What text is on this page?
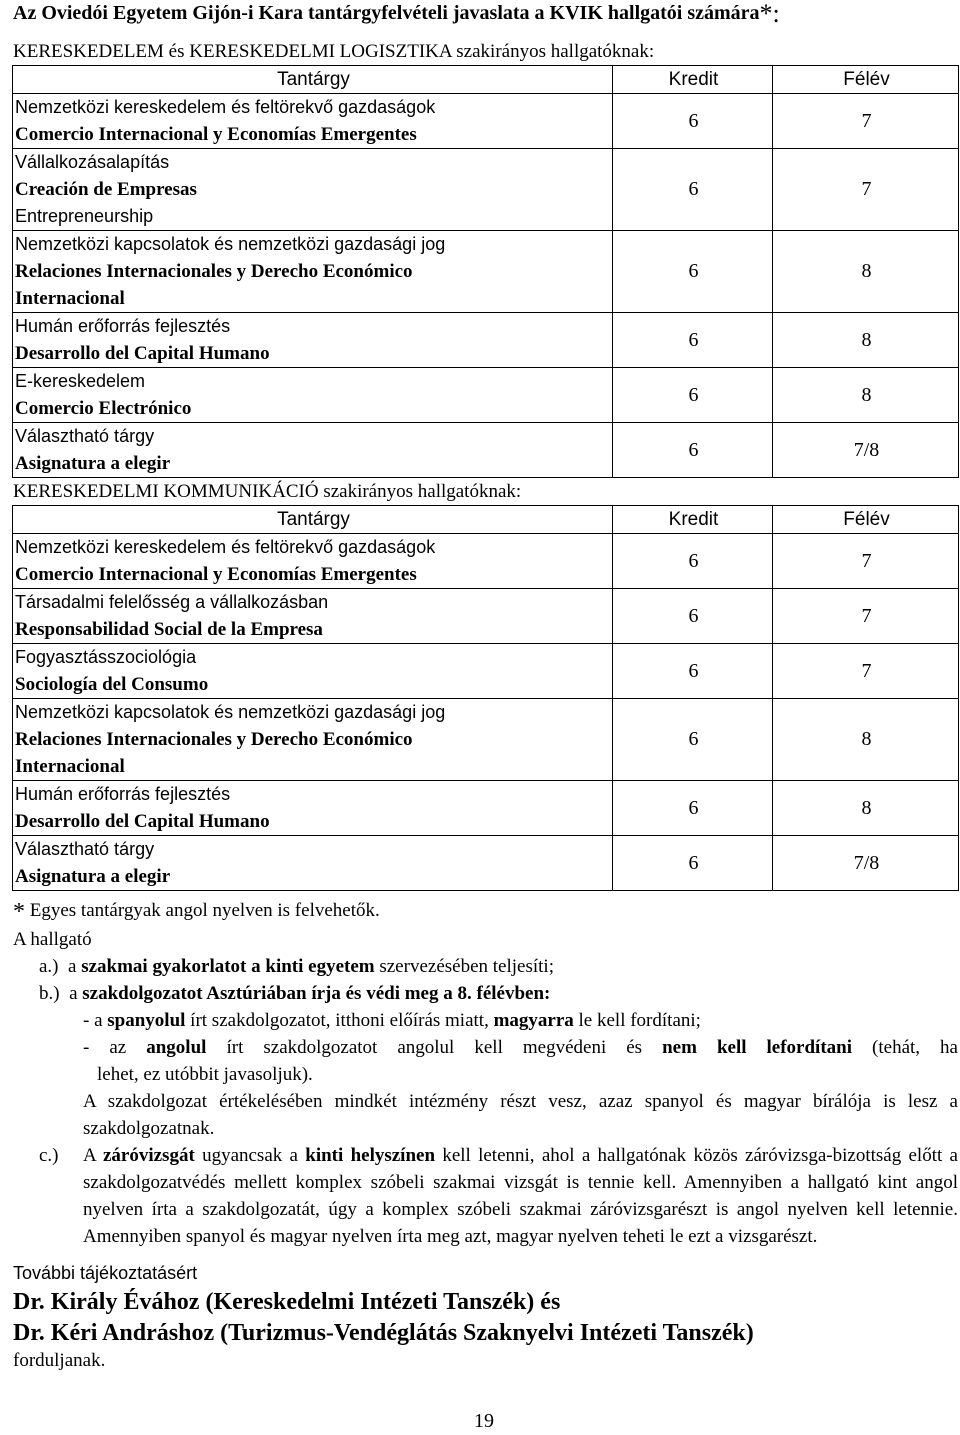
Az Oviedói Egyetem Gijón-i Kara tantárgyfelvételi javaslata a KVIK hallgatói számára*:

KERESKEDELEM és KERESKEDELMI LOGISZTIKA szakirányos hallgatóknak:

Tantárgy	Kredit	Félév

Nemzetközi kereskedelem és feltörekvő gazdaságok
Comercio Internacional y Economías Emergentes	6	7

Vállalkozásalapítás
Creación de Empresas
Entrepreneurship	6	7

Nemzetközi kapcsolatok és nemzetközi gazdasági jog
Relaciones Internacionales y Derecho Económico
Internacional	6	8

Humán erőforrás fejlesztés
Desarrollo del Capital Humano	6	8

E-kereskedelem
Comercio Electrónico	6	8

Választható tárgy
Asignatura a elegir	6	7/8

KERESKEDELMI KOMMUNIKÁCIÓ szakirányos hallgatóknak:

Tantárgy	Kredit	Félév

Nemzetközi kereskedelem és feltörekvő gazdaságok
Comercio Internacional y Economías Emergentes	6	7

Társadalmi felelősség a vállalkozásban
Responsabilidad Social de la Empresa	6	7

Fogyasztásszociológia
Sociología del Consumo	6	7

Nemzetközi kapcsolatok és nemzetközi gazdasági jog
Relaciones Internacionales y Derecho Económico
Internacional	6	8

Humán erőforrás fejlesztés
Desarrollo del Capital Humano	6	8

Választható tárgy
Asignatura a elegir	6	7/8

* Egyes tantárgyak angol nyelven is felvehetők.

A hallgató

a.) a szakmai gyakorlatot a kinti egyetem szervezésében teljesíti;

b.) a szakdolgozatot Asztúriában írja és védi meg a 8. félévben:

- a spanyolul írt szakdolgozatot, itthoni előírás miatt, magyarra le kell fordítani;

- az angolul írt szakdolgozatot angolul kell megvédeni és nem kell lefordítani (tehát, ha

lehet, ez utóbbit javasoljuk).

A szakdolgozat értékelésében mindkét intézmény részt vesz, azaz spanyol és magyar bírálója is lesz a szakdolgozatnak.

c.)	A záróvizsgát ugyancsak a kinti helyszínen kell letenni, ahol a hallgatónak közös záróvizsga-bizottság előtt a szakdolgozatvédés mellett komplex szóbeli szakmai vizsgát is tennie kell. Amennyiben a hallgató kint angol nyelven írta a szakdolgozatát, úgy a komplex szóbeli szakmai záróvizsgarészt is angol nyelven kell letennie. Amennyiben spanyol és magyar nyelven írta meg azt, magyar nyelven teheti le ezt a vizsgarészt.

További tájékoztatásért

Dr. Király Évához (Kereskedelmi Intézeti Tanszék) és

Dr. Kéri Andráshoz (Turizmus-Vendéglátás Szaknyelvi Intézeti Tanszék)

forduljanak.

19
